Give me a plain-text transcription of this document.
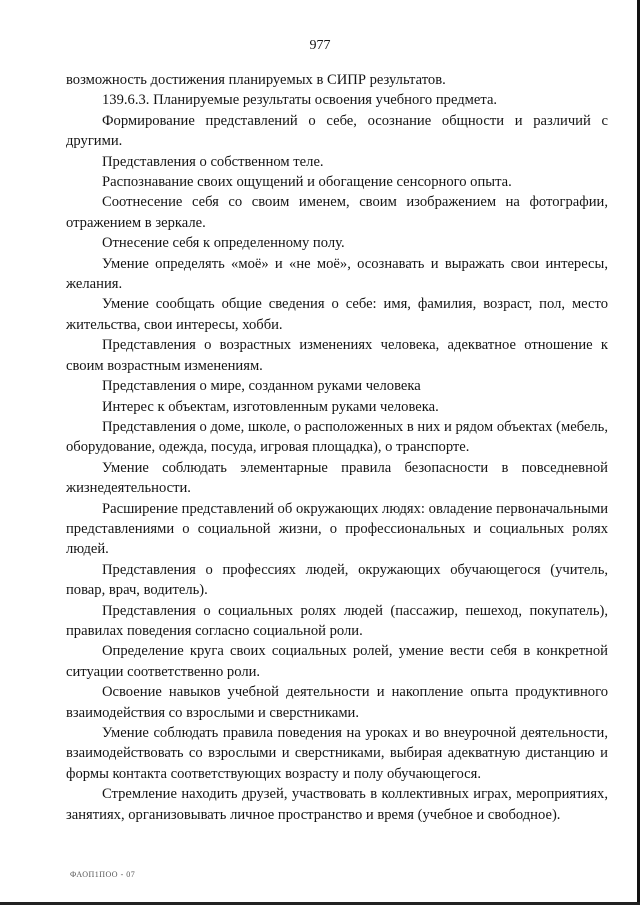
977

возможность достижения планируемых в СИПР результатов.

139.6.3. Планируемые результаты освоения учебного предмета.

Формирование представлений о себе, осознание общности и различий с другими.

Представления о собственном теле.

Распознавание своих ощущений и обогащение сенсорного опыта.

Соотнесение себя со своим именем, своим изображением на фотографии, отражением в зеркале.

Отнесение себя к определенному полу.

Умение определять «моё» и «не моё», осознавать и выражать свои интересы, желания.

Умение сообщать общие сведения о себе: имя, фамилия, возраст, пол, место жительства, свои интересы, хобби.

Представления о возрастных изменениях человека, адекватное отношение к своим возрастным изменениям.

Представления о мире, созданном руками человека

Интерес к объектам, изготовленным руками человека.

Представления о доме, школе, о расположенных в них и рядом объектах (мебель, оборудование, одежда, посуда, игровая площадка), о транспорте.

Умение соблюдать элементарные правила безопасности в повседневной жизнедеятельности.

Расширение представлений об окружающих людях: овладение первоначальными представлениями о социальной жизни, о профессиональных и социальных ролях людей.

Представления о профессиях людей, окружающих обучающегося (учитель, повар, врач, водитель).

Представления о социальных ролях людей (пассажир, пешеход, покупатель), правилах поведения согласно социальной роли.

Определение круга своих социальных ролей, умение вести себя в конкретной ситуации соответственно роли.

Освоение навыков учебной деятельности и накопление опыта продуктивного взаимодействия со взрослыми и сверстниками.

Умение соблюдать правила поведения на уроках и во внеурочной деятельности, взаимодействовать со взрослыми и сверстниками, выбирая адекватную дистанцию и формы контакта соответствующих возрасту и полу обучающегося.

Стремление находить друзей, участвовать в коллективных играх, мероприятиях, занятиях, организовывать личное пространство и время (учебное и свободное).

ФАОП1ПОО - 07
